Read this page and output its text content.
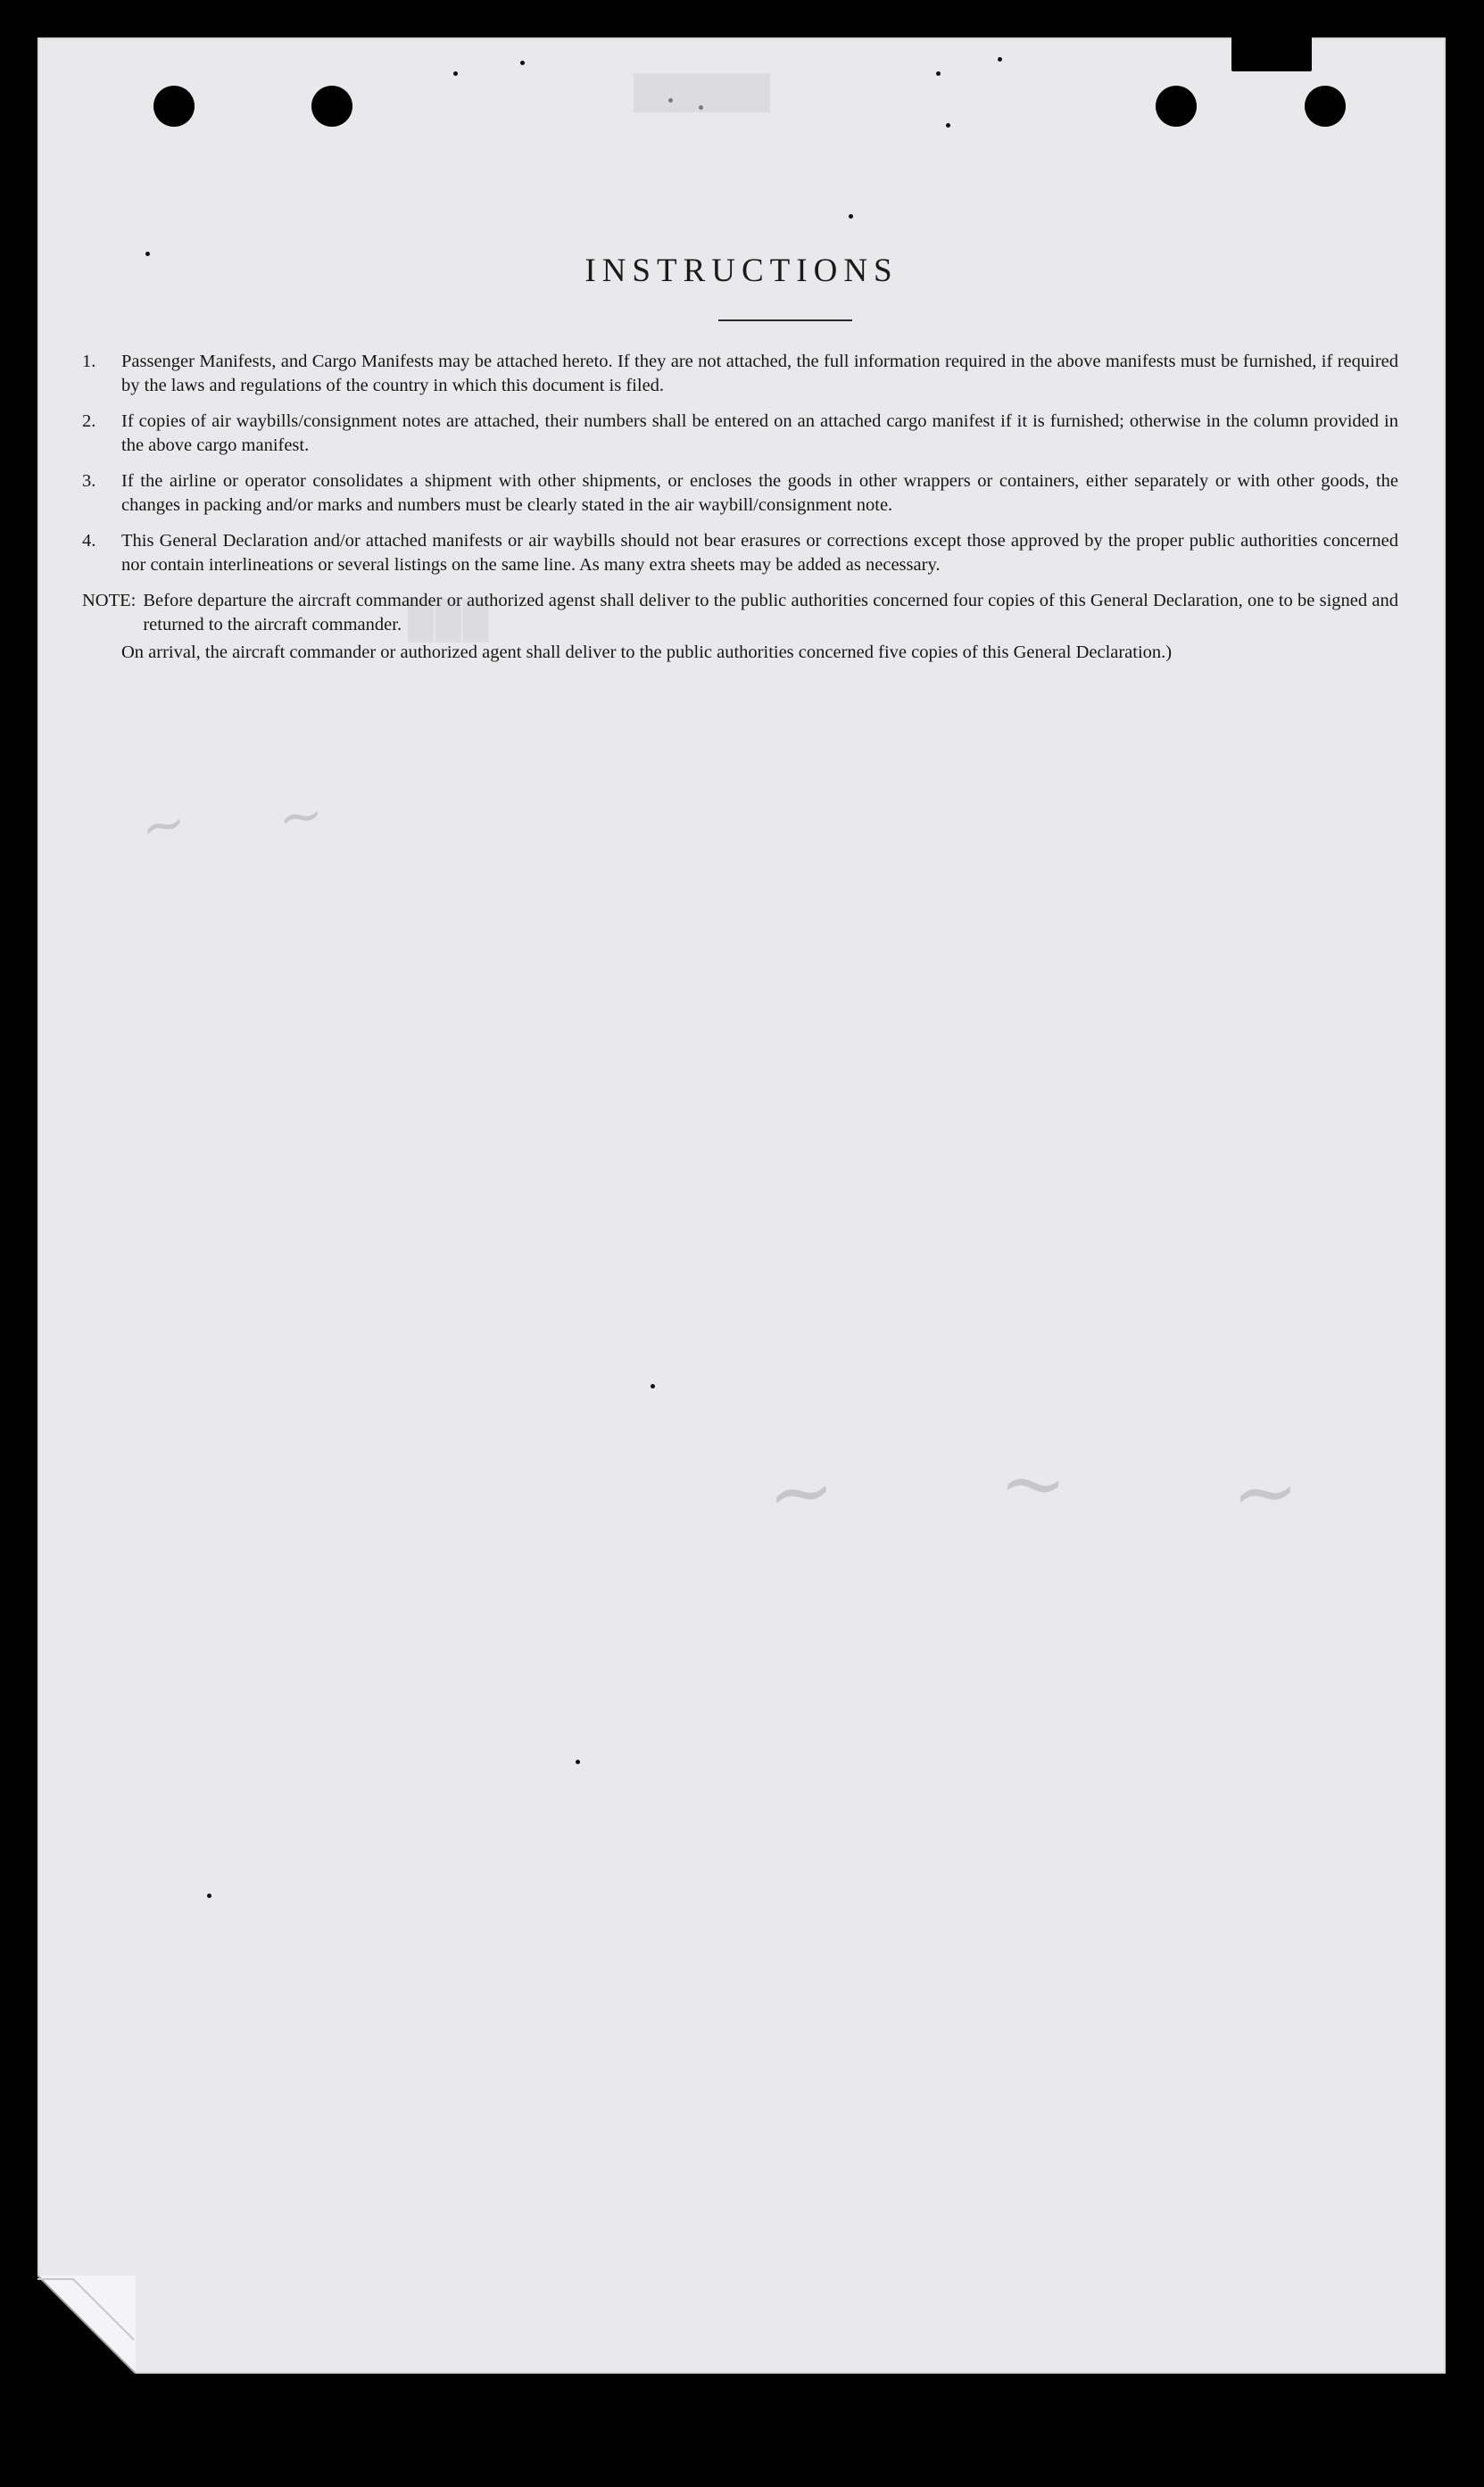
██████
▉▉▉
~ ~
~ ~ ~
INSTRUCTIONS
1.	Passenger Manifests, and Cargo Manifests may be attached hereto. If they are not attached, the full information required in the above manifests must be furnished, if required by the laws and regulations of the country in which this document is filed.
2.	If copies of air waybills/consignment notes are attached, their numbers shall be entered on an attached cargo manifest if it is furnished; otherwise in the column provided in the above cargo manifest.
3.	If the airline or operator consolidates a shipment with other shipments, or encloses the goods in other wrappers or containers, either separately or with other goods, the changes in packing and/or marks and numbers must be clearly stated in the air waybill/consignment note.
4.	This General Declaration and/or attached manifests or air waybills should not bear erasures or corrections except those approved by the proper public authorities concerned nor contain interlineations or several listings on the same line. As many extra sheets may be added as necessary.
NOTE: Before departure the aircraft commander or authorized agenst shall deliver to the public authorities concerned four copies of this General Declaration, one to be signed and returned to the aircraft commander.
On arrival, the aircraft commander or authorized agent shall deliver to the public authorities concerned five copies of this General Declaration.)
